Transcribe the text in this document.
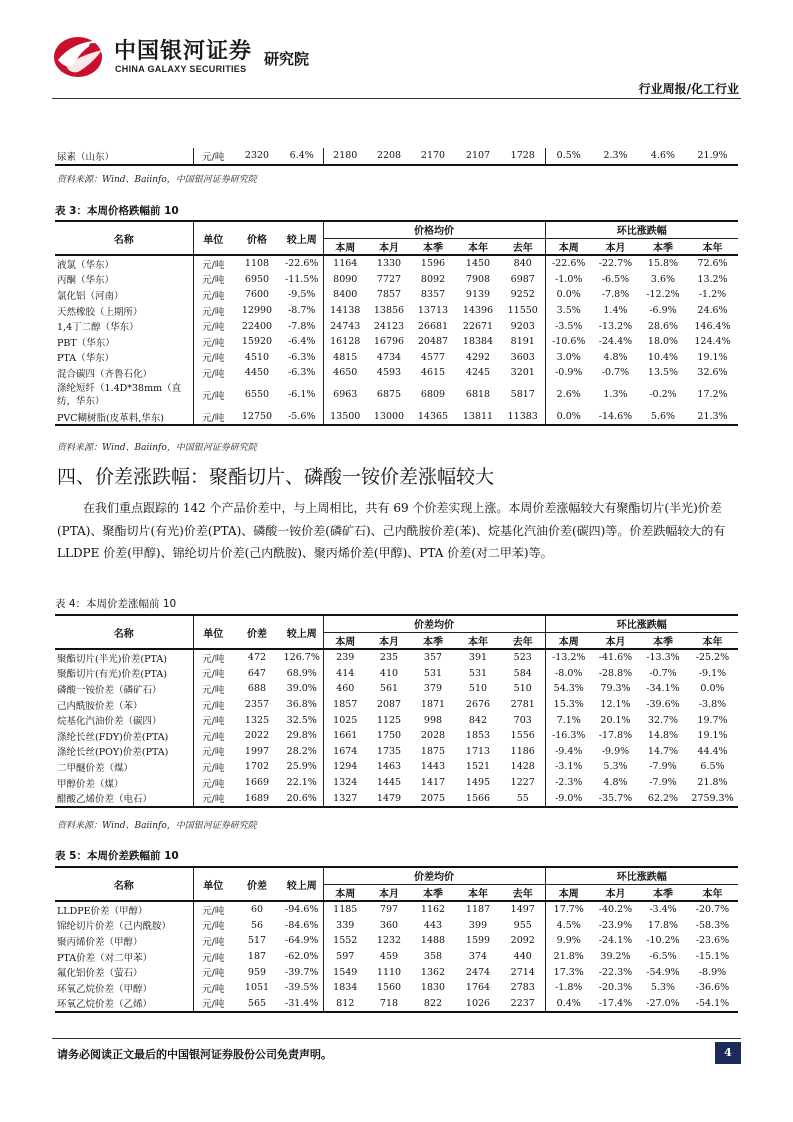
中国银河证券
CHINA GALAXY SECURITIES
研究院
行业周报/化工行业
尿素（山东）	元/吨	2320	6.4%	2180	2208	2170	2107	1728	0.5%	2.3%	4.6%	21.9%
资料来源：Wind、Baiinfo，中国银河证券研究院
表 3：本周价格跌幅前 10
名称	单位	价格	较上周	价格均价					环比涨跌幅			
				本周	本月	本季	本年	去年	本周	本月	本季	本年
液氯（华东）	元/吨	1108	-22.6%	1164	1330	1596	1450	840	-22.6%	-22.7%	15.8%	72.6%
丙酮（华东）	元/吨	6950	-11.5%	8090	7727	8092	7908	6987	-1.0%	-6.5%	3.6%	13.2%
氯化铝（河南）	元/吨	7600	-9.5%	8400	7857	8357	9139	9252	0.0%	-7.8%	-12.2%	-1.2%
天然橡胶（上期所）	元/吨	12990	-8.7%	14138	13856	13713	14396	11550	3.5%	1.4%	-6.9%	24.6%
1,4丁二醇（华东）	元/吨	22400	-7.8%	24743	24123	26681	22671	9203	-3.5%	-13.2%	28.6%	146.4%
PBT（华东）	元/吨	15920	-6.4%	16128	16796	20487	18384	8191	-10.6%	-24.4%	18.0%	124.4%
PTA（华东）	元/吨	4510	-6.3%	4815	4734	4577	4292	3603	3.0%	4.8%	10.4%	19.1%
混合碳四（齐鲁石化）	元/吨	4450	-6.3%	4650	4593	4615	4245	3201	-0.9%	-0.7%	13.5%	32.6%
涤纶短纤（1.4D*38mm（直纺，华东）	元/吨	6550	-6.1%	6963	6875	6809	6818	5817	2.6%	1.3%	-0.2%	17.2%
PVC糊树脂(皮革料,华东)	元/吨	12750	-5.6%	13500	13000	14365	13811	11383	0.0%	-14.6%	5.6%	21.3%
资料来源：Wind、Baiinfo，中国银河证券研究院
四、价差涨跌幅：聚酯切片、磷酸一铵价差涨幅较大
在我们重点跟踪的 142 个产品价差中，与上周相比，共有 69 个价差实现上涨。本周价差涨幅较大有聚酯切片(半光)价差(PTA)、聚酯切片(有光)价差(PTA)、磷酸一铵价差(磷矿石)、己内酰胺价差(苯)、烷基化汽油价差(碳四)等。价差跌幅较大的有 LLDPE 价差(甲醇)、锦纶切片价差(己内酰胺)、聚丙烯价差(甲醇)、PTA 价差(对二甲苯)等。
表 4：本周价差涨幅前 10
名称	单位	价差	较上周	价差均价					环比涨跌幅			
				本周	本月	本季	本年	去年	本周	本月	本季	本年
聚酯切片(半光)价差(PTA)	元/吨	472	126.7%	239	235	357	391	523	-13.2%	-41.6%	-13.3%	-25.2%
聚酯切片(有光)价差(PTA)	元/吨	647	68.9%	414	410	531	531	584	-8.0%	-28.8%	-0.7%	-9.1%
磷酸一铵价差（磷矿石）	元/吨	688	39.0%	460	561	379	510	510	54.3%	79.3%	-34.1%	0.0%
己内酰胺价差（苯）	元/吨	2357	36.8%	1857	2087	1871	2676	2781	15.3%	12.1%	-39.6%	-3.8%
烷基化汽油价差（碳四）	元/吨	1325	32.5%	1025	1125	998	842	703	7.1%	20.1%	32.7%	19.7%
涤纶长丝(FDY)价差(PTA)	元/吨	2022	29.8%	1661	1750	2028	1853	1556	-16.3%	-17.8%	14.8%	19.1%
涤纶长丝(POY)价差(PTA)	元/吨	1997	28.2%	1674	1735	1875	1713	1186	-9.4%	-9.9%	14.7%	44.4%
二甲醚价差（煤）	元/吨	1702	25.9%	1294	1463	1443	1521	1428	-3.1%	5.3%	-7.9%	6.5%
甲醇价差（煤）	元/吨	1669	22.1%	1324	1445	1417	1495	1227	-2.3%	4.8%	-7.9%	21.8%
醋酸乙烯价差（电石）	元/吨	1689	20.6%	1327	1479	2075	1566	55	-9.0%	-35.7%	62.2%	2759.3%
资料来源：Wind、Baiinfo，中国银河证券研究院
表 5：本周价差跌幅前 10
名称	单位	价差	较上周	价差均价					环比涨跌幅			
				本周	本月	本季	本年	去年	本周	本月	本季	本年
LLDPE价差（甲醇）	元/吨	60	-94.6%	1185	797	1162	1187	1497	17.7%	-40.2%	-3.4%	-20.7%
锦纶切片价差（己内酰胺）	元/吨	56	-84.6%	339	360	443	399	955	4.5%	-23.9%	17.8%	-58.3%
聚丙烯价差（甲醇）	元/吨	517	-64.9%	1552	1232	1488	1599	2092	9.9%	-24.1%	-10.2%	-23.6%
PTA价差（对二甲苯）	元/吨	187	-62.0%	597	459	358	374	440	21.8%	39.2%	-6.5%	-15.1%
氟化铝价差（萤石）	元/吨	959	-39.7%	1549	1110	1362	2474	2714	17.3%	-22.3%	-54.9%	-8.9%
环氧乙烷价差（甲醇）	元/吨	1051	-39.5%	1834	1560	1830	1764	2783	-1.8%	-20.3%	5.3%	-36.6%
环氧乙烷价差（乙烯）	元/吨	565	-31.4%	812	718	822	1026	2237	0.4%	-17.4%	-27.0%	-54.1%
请务必阅读正文最后的中国银河证券股份公司免责声明。	4
